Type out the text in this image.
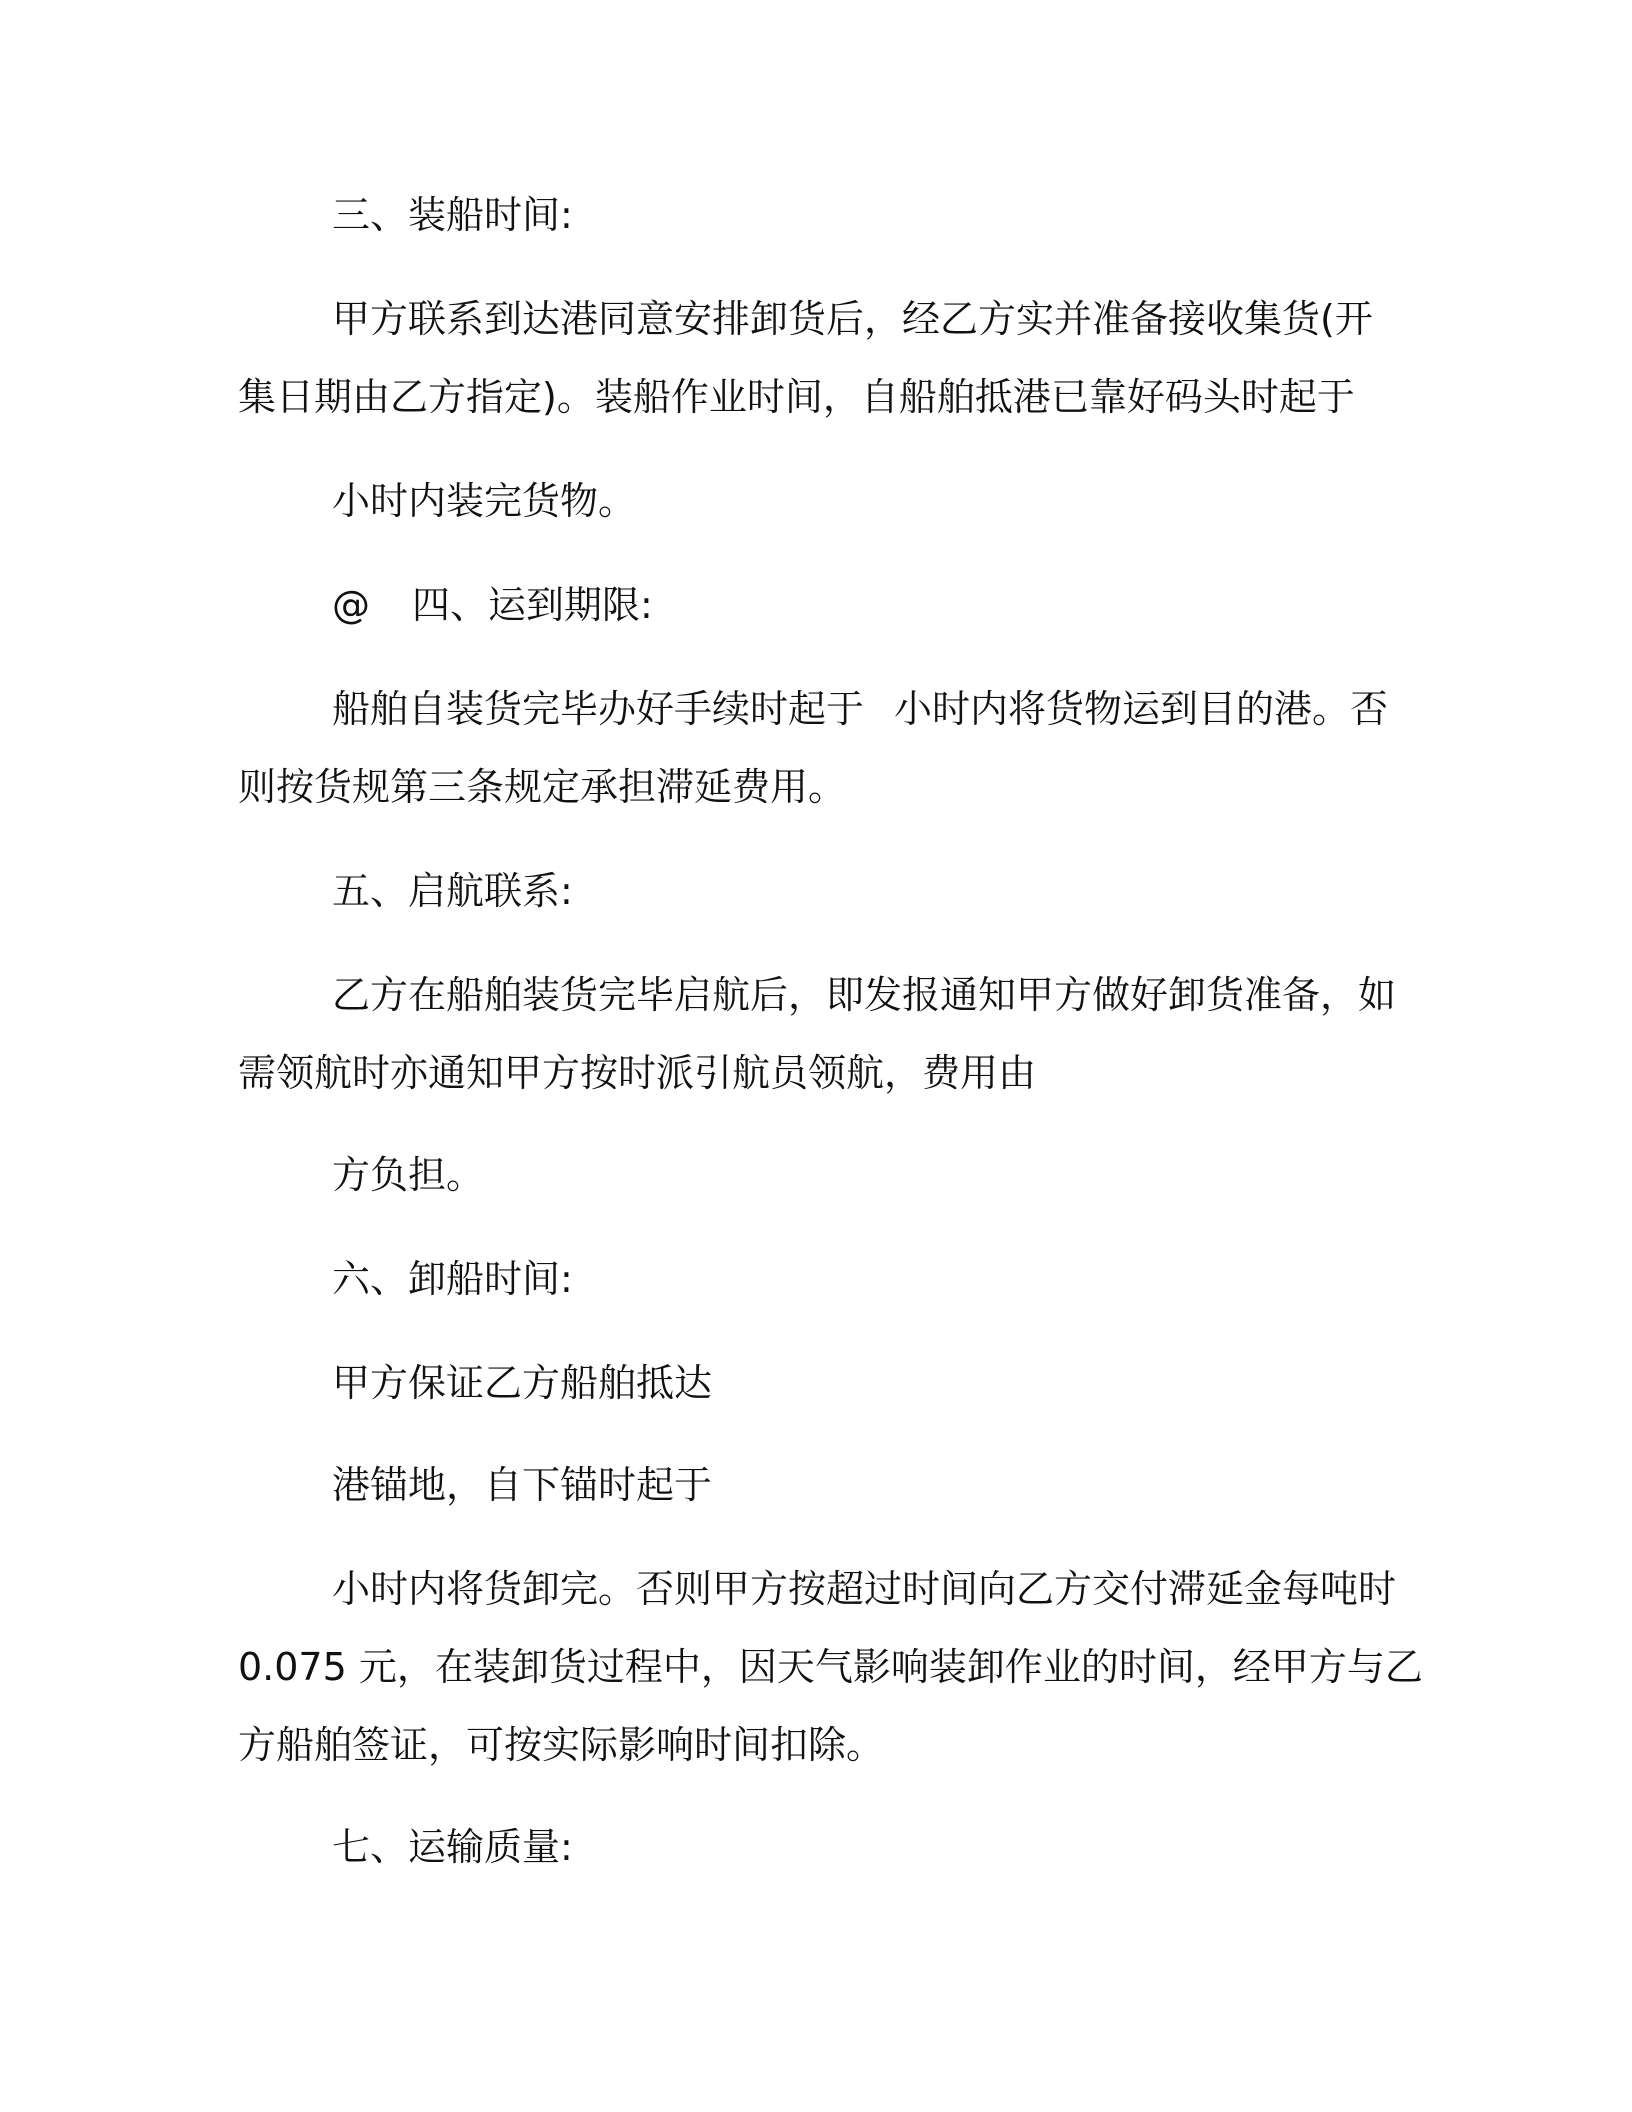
三、装船时间:

甲方联系到达港同意安排卸货后，经乙方实并准备接收集货(开

集日期由乙方指定)。装船作业时间，自船舶抵港已靠好码头时起于

小时内装完货物。

@ 四、运到期限:

船舶自装货完毕办好手续时起于 小时内将货物运到目的港。否

则按货规第三条规定承担滞延费用。

五、启航联系:

乙方在船舶装货完毕启航后，即发报通知甲方做好卸货准备，如

需领航时亦通知甲方按时派引航员领航，费用由

方负担。

六、卸船时间:

甲方保证乙方船舶抵达

港锚地，自下锚时起于

小时内将货卸完。否则甲方按超过时间向乙方交付滞延金每吨时

0.075 元，在装卸货过程中，因天气影响装卸作业的时间，经甲方与乙

方船舶签证，可按实际影响时间扣除。

七、运输质量:
